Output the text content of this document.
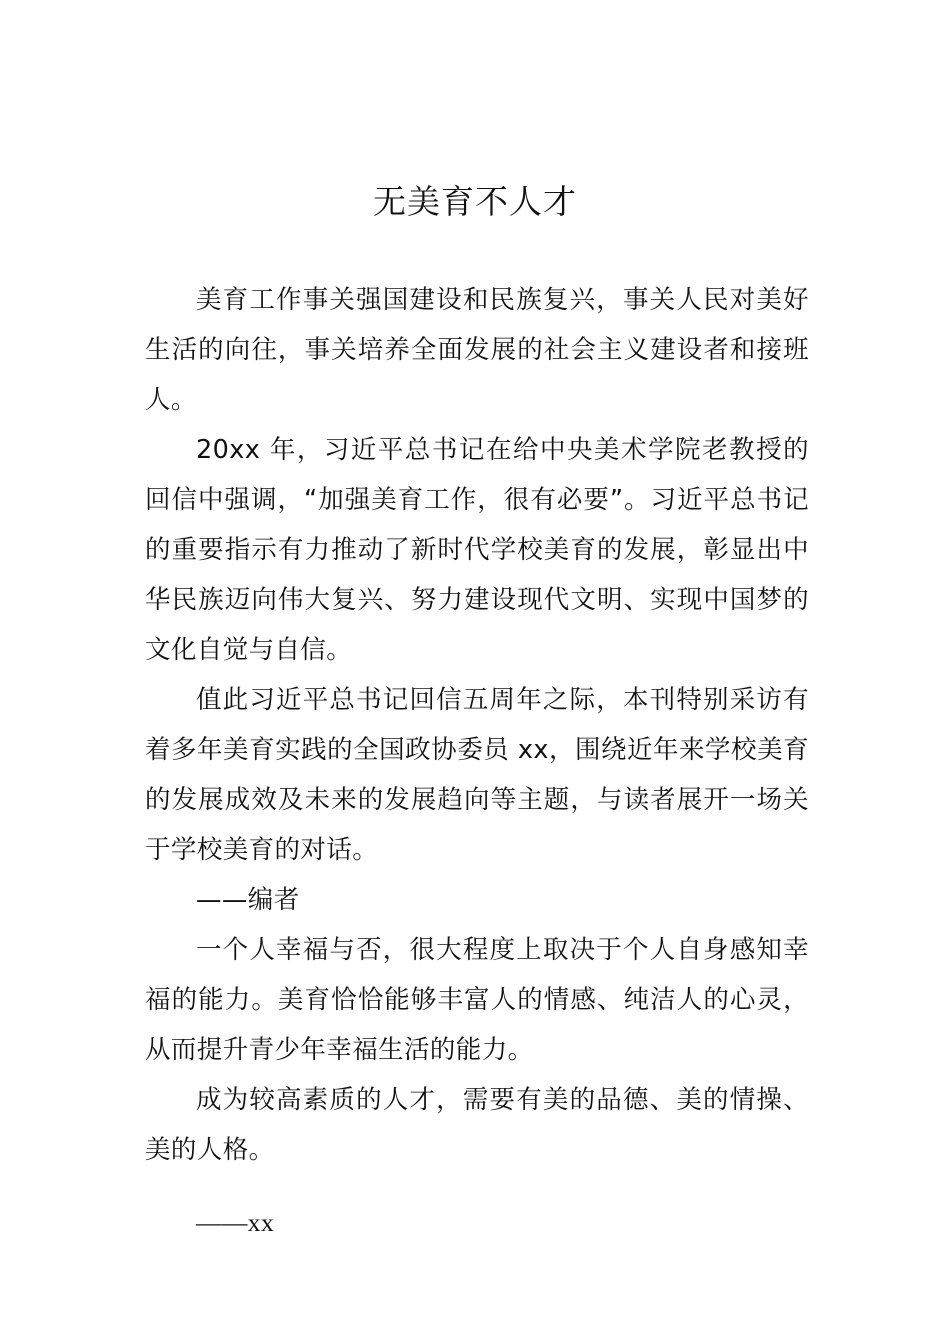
无美育不人才

美育工作事关强国建设和民族复兴，事关人民对美好生活的向往，事关培养全面发展的社会主义建设者和接班人。

20xx 年，习近平总书记在给中央美术学院老教授的回信中强调，“加强美育工作，很有必要”。习近平总书记的重要指示有力推动了新时代学校美育的发展，彰显出中华民族迈向伟大复兴、努力建设现代文明、实现中国梦的文化自觉与自信。

值此习近平总书记回信五周年之际，本刊特别采访有着多年美育实践的全国政协委员 xx，围绕近年来学校美育的发展成效及未来的发展趋向等主题，与读者展开一场关于学校美育的对话。

——编者

一个人幸福与否，很大程度上取决于个人自身感知幸福的能力。美育恰恰能够丰富人的情感、纯洁人的心灵，从而提升青少年幸福生活的能力。

成为较高素质的人才，需要有美的品德、美的情操、美的人格。

——xx
